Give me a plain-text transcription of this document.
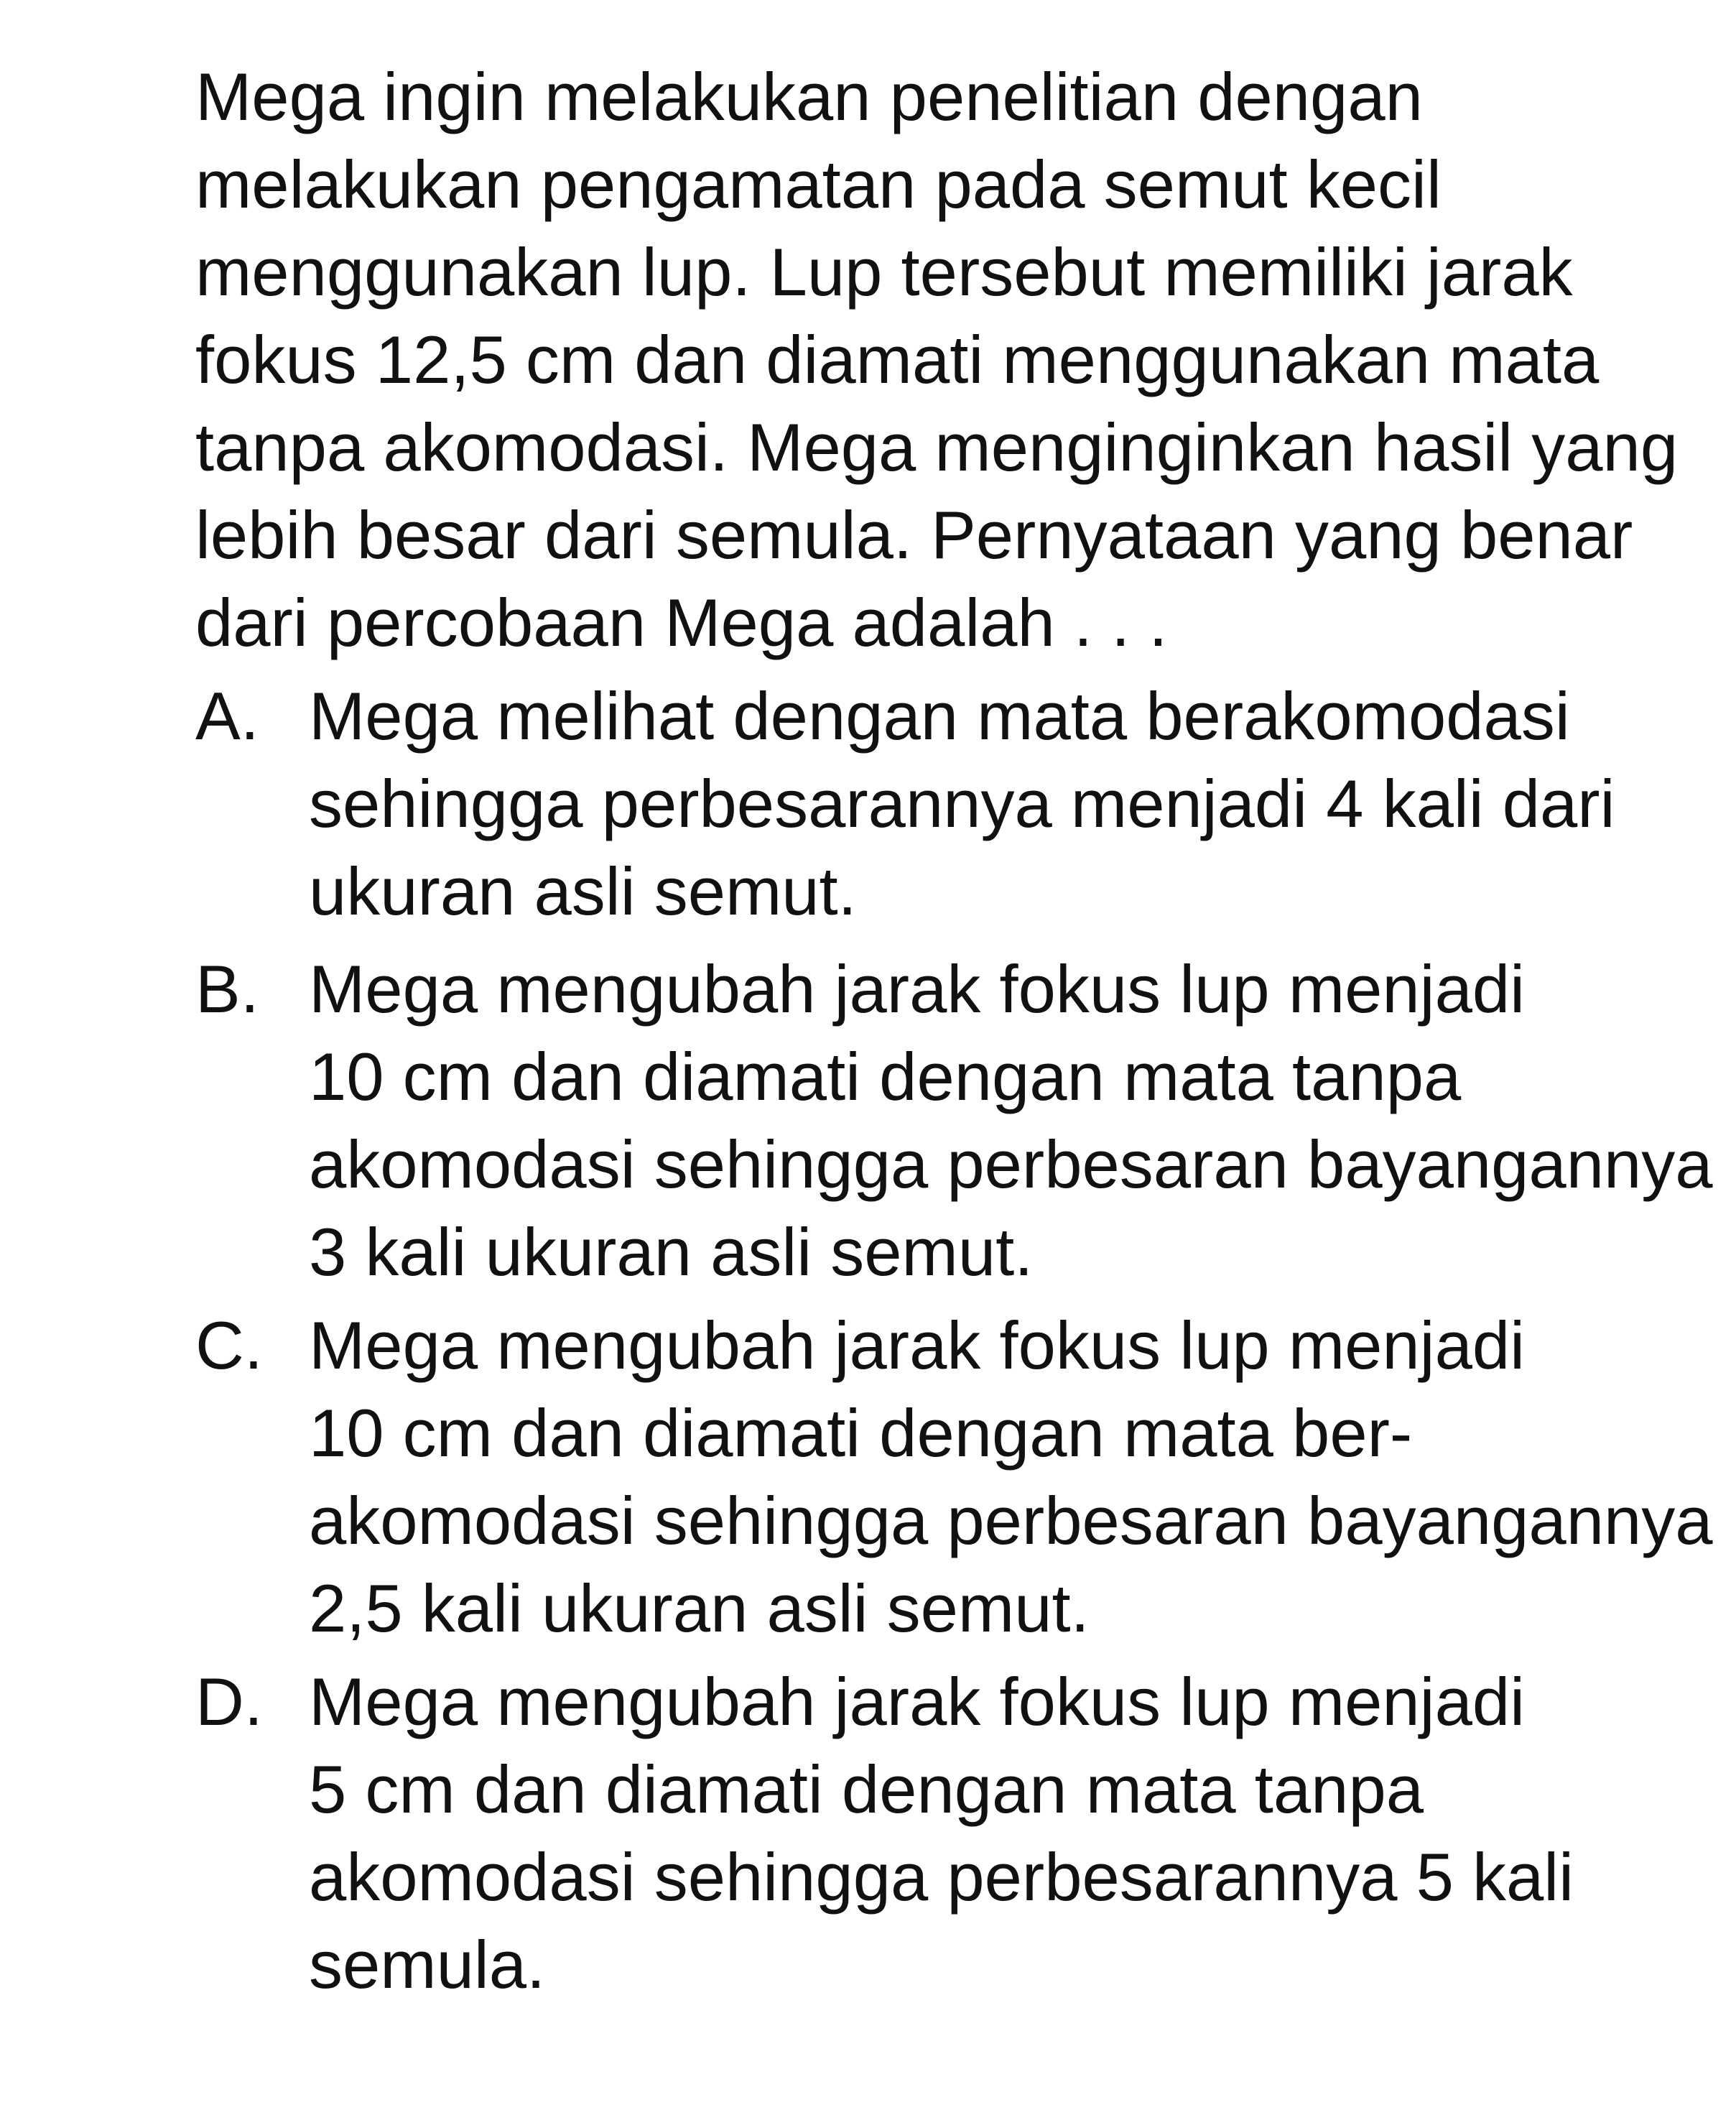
Mega ingin melakukan penelitian dengan
melakukan pengamatan pada semut kecil
menggunakan lup. Lup tersebut memiliki jarak
fokus 12,5 cm dan diamati menggunakan mata
tanpa akomodasi. Mega menginginkan hasil yang
lebih besar dari semula. Pernyataan yang benar
dari percobaan Mega adalah . . .
A. Mega melihat dengan mata berakomodasi
sehingga perbesarannya menjadi 4 kali dari
ukuran asli semut.
B. Mega mengubah jarak fokus lup menjadi
10 cm dan diamati dengan mata tanpa
akomodasi sehingga perbesaran bayangannya
3 kali ukuran asli semut.
C. Mega mengubah jarak fokus lup menjadi
10 cm dan diamati dengan mata ber-
akomodasi sehingga perbesaran bayangannya
2,5 kali ukuran asli semut.
D. Mega mengubah jarak fokus lup menjadi
5 cm dan diamati dengan mata tanpa
akomodasi sehingga perbesarannya 5 kali
semula.
